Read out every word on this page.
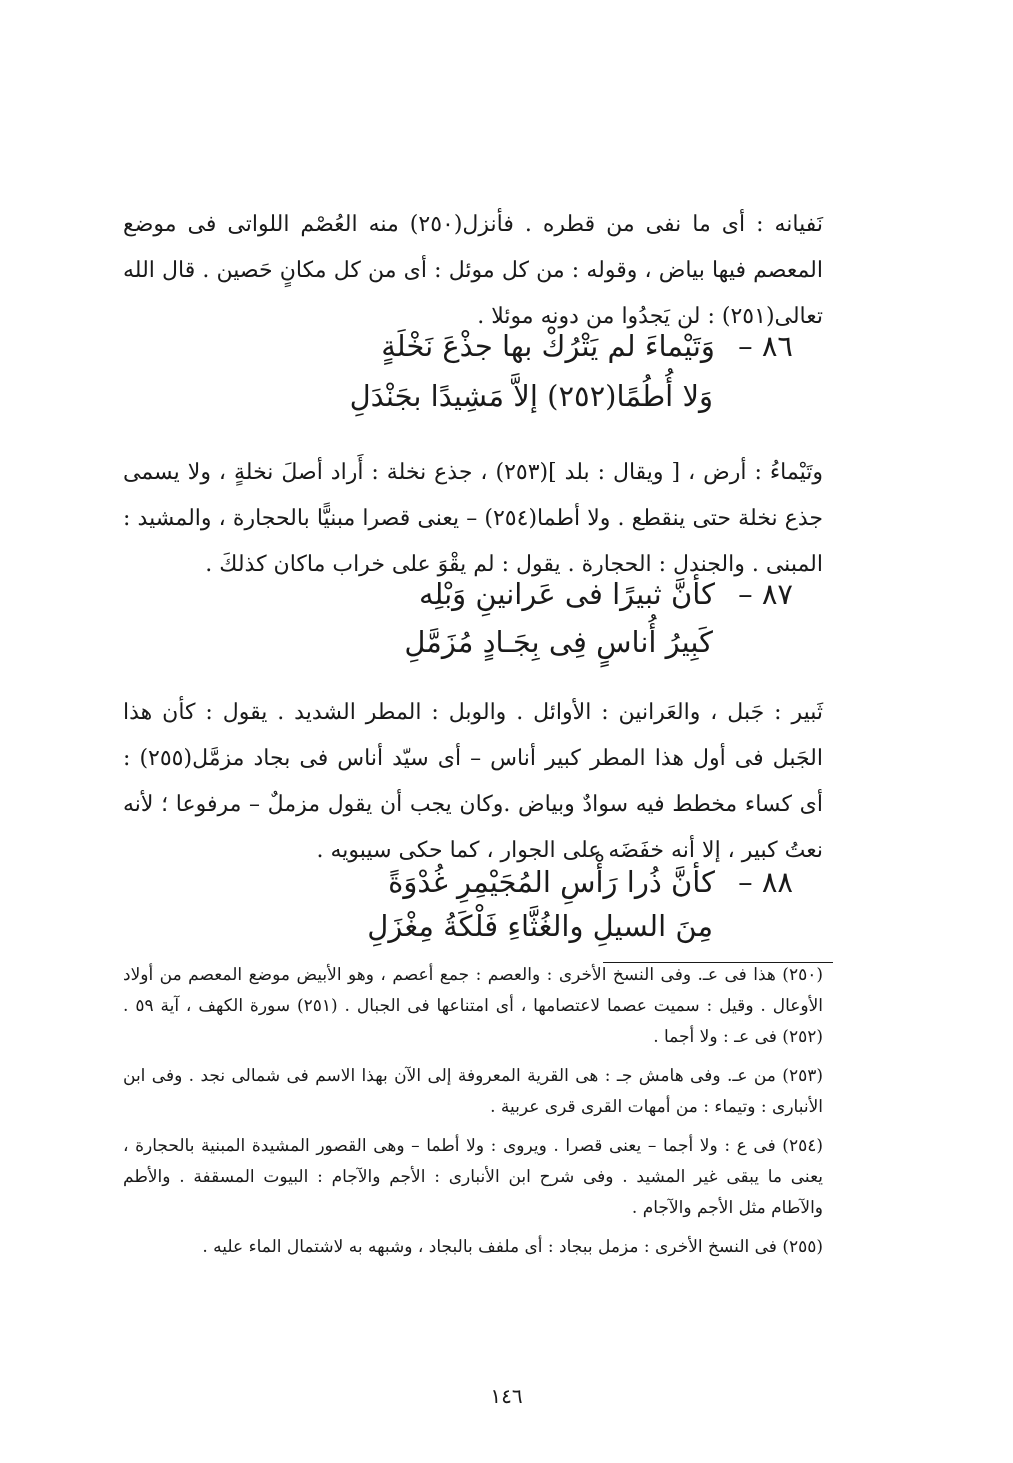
نَفيانه : أى ما نفى من قطره . فأنزل(٢٥٠) منه العُصْم اللواتى فى موضع المعصم فيها بياض ، وقوله : من كل موئل : أى من كل مكانٍ حَصين . قال الله تعالى(٢٥١) : لن يَجدُوا من دونه موئلا .

٨٦ – وَتَيْماءَ لم يَتْرُكْ بها جذْعَ نَخْلَةٍ
وَلا أُطُمًا(٢٥٢) إلاَّ مَشِيدًا بجَنْدَلِ

وتَيْماءُ : أرض ، [ ويقال : بلد ](٢٥٣) ، جذع نخلة : أَراد أصلَ نخلةٍ ، ولا يسمى جذع نخلة حتى ينقطع . ولا أطما(٢٥٤) – يعنى قصرا مبنيًّا بالحجارة ، والمشيد : المبنى . والجندل : الحجارة . يقول : لم يقْوَ على خراب ماكان كذلكَ .

٨٧ – كأنَّ ثبيرًا فى عَرانينِ وَبْلِه
كَبِيرُ أُناسٍ فِى بِجَـادٍ مُزَمَّلِ

ثَبير : جَبل ، والعَرانين : الأوائل . والوبل : المطر الشديد . يقول : كأن هذا الجَبل فى أول هذا المطر كبير أناس – أى سيّد أناس فى بجاد مزمَّل(٢٥٥) : أى كساء مخطط فيه سوادٌ وبياض .وكان يجب أن يقول مزملٌ – مرفوعا ؛ لأنه نعتُ كبير ، إلا أنه خفَضَه على الجوار ، كما حكى سيبويه .

٨٨ – كأنَّ ذُرا رَأْسِ المُجَيْمِرِ غُدْوَةً
مِنَ السيلِ والغُثَّاءِ فَلْكَةُ مِغْزَلِ

(٢٥٠) هذا فى عـ. وفى النسخ الأخرى : والعصم : جمع أعصم ، وهو الأبيض موضع المعصم من أولاد الأوعال . وقيل : سميت عصما لاعتصامها ، أى امتناعها فى الجبال . (٢٥١) سورة الكهف ، آية ٥٩ . (٢٥٢) فى عـ : ولا أجما .

(٢٥٣) من عـ. وفى هامش جـ : هى القرية المعروفة إلى الآن بهذا الاسم فى شمالى نجد . وفى ابن الأنبارى : وتيماء : من أمهات القرى قرى عربية .

(٢٥٤) فى ع : ولا أجما – يعنى قصرا . ويروى : ولا أطما – وهى القصور المشيدة المبنية بالحجارة ، يعنى ما يبقى غير المشيد . وفى شرح ابن الأنبارى : الأجم والآجام : البيوت المسقفة . والأطم والآطام مثل الأجم والآجام .

(٢٥٥) فى النسخ الأخرى : مزمل ببجاد : أى ملفف بالبجاد ، وشبهه به لاشتمال الماء عليه .

١٤٦
